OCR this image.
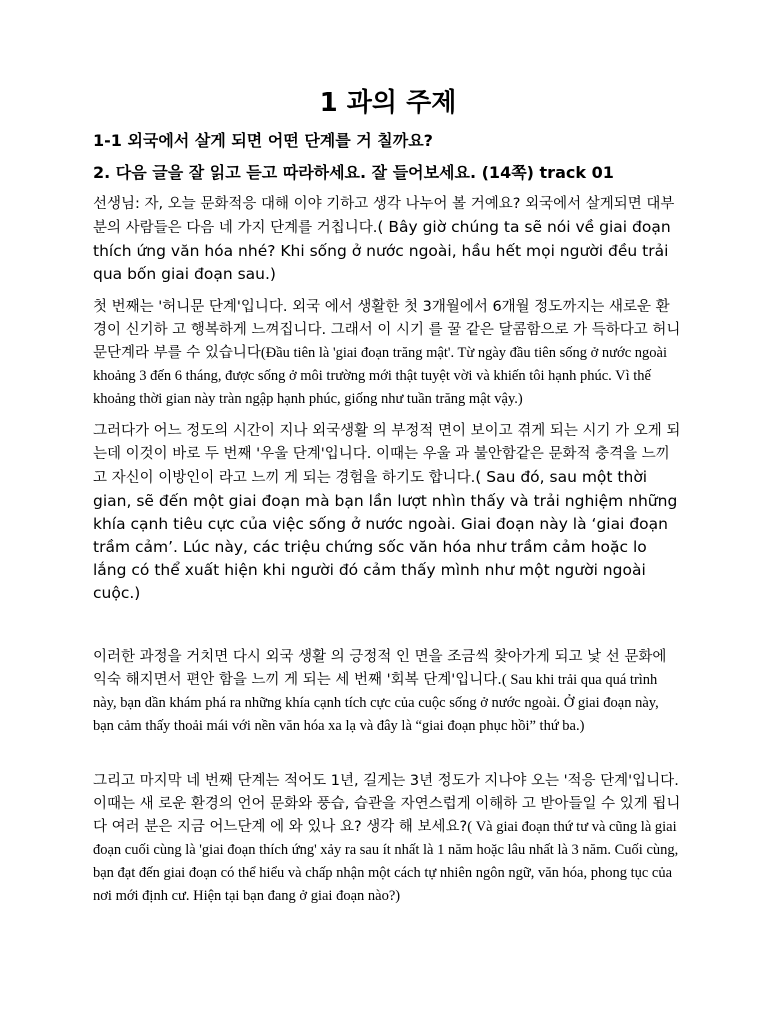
1 과의 주제

1-1 외국에서 살게 되면 어떤 단계를 거 칠까요?

2. 다음 글을 잘 읽고 듣고 따라하세요. 잘 들어보세요. (14쪽) track 01

선생님: 자, 오늘 문화적응 대해 이야 기하고 생각 나누어 볼 거예요? 외국에서 살게되면 대부 분의 사람들은 다음 네 가지 단계를 거칩니다.( Bây giờ chúng ta sẽ nói về giai đoạn thích ứng văn hóa nhé? Khi sống ở nước ngoài, hầu hết mọi người đều trải qua bốn giai đoạn sau.)

첫 번째는 '허니문 단계'입니다. 외국 에서 생활한 첫 3개월에서 6개월 정도까지는 새로운 환경이 신기하 고 행복하게 느껴집니다. 그래서 이 시기 를 꿀 같은 달콤함으로 가 득하다고 허니문단계라 부를 수 있습니다(Đầu tiên là 'giai đoạn trăng mật'. Từ ngày đầu tiên sống ở nước ngoài khoảng 3 đến 6 tháng, được sống ở môi trường mới thật tuyệt vời và khiến tôi hạnh phúc. Vì thế khoảng thời gian này tràn ngập hạnh phúc, giống như tuần trăng mật vậy.)

그러다가 어느 정도의 시간이 지나 외국생활 의 부정적 면이 보이고 겪게 되는 시기 가 오게 되는데 이것이 바로 두 번째 '우울 단계'입니다. 이때는 우울 과 불안함같은 문화적 충격을 느끼고 자신이 이방인이 라고 느끼 게 되는 경험을 하기도 합니다.( Sau đó, sau một thời gian, sẽ đến một giai đoạn mà bạn lần lượt nhìn thấy và trải nghiệm những khía cạnh tiêu cực của việc sống ở nước ngoài. Giai đoạn này là ‘giai đoạn trầm cảm’. Lúc này, các triệu chứng sốc văn hóa như trầm cảm hoặc lo lắng có thể xuất hiện khi người đó cảm thấy mình như một người ngoài cuộc.)

이러한 과정을 거치면 다시 외국 생활 의 긍정적 인 면을 조금씩 찾아가게 되고 낯 선 문화에 익숙 해지면서 편안 함을 느끼 게 되는 세 번째 '회복 단계'입니다.( Sau khi trải qua quá trình này, bạn dần khám phá ra những khía cạnh tích cực của cuộc sống ở nước ngoài. Ở giai đoạn này, bạn cảm thấy thoải mái với nền văn hóa xa lạ và đây là “giai đoạn phục hồi” thứ ba.)

그리고 마지막 네 번째 단계는 적어도 1년, 길게는 3년 정도가 지나야 오는 '적응 단계'입니다. 이때는 새 로운 환경의 언어 문화와 풍습, 습관을 자연스럽게 이해하 고 받아들일 수 있게 됩니다 여러 분은 지금 어느단계 에 와 있나 요? 생각 해 보세요?( Và giai đoạn thứ tư và cũng là giai đoạn cuối cùng là 'giai đoạn thích ứng' xảy ra sau ít nhất là 1 năm hoặc lâu nhất là 3 năm. Cuối cùng, bạn đạt đến giai đoạn có thể hiểu và chấp nhận một cách tự nhiên ngôn ngữ, văn hóa, phong tục của nơi mới định cư. Hiện tại bạn đang ở giai đoạn nào?)
